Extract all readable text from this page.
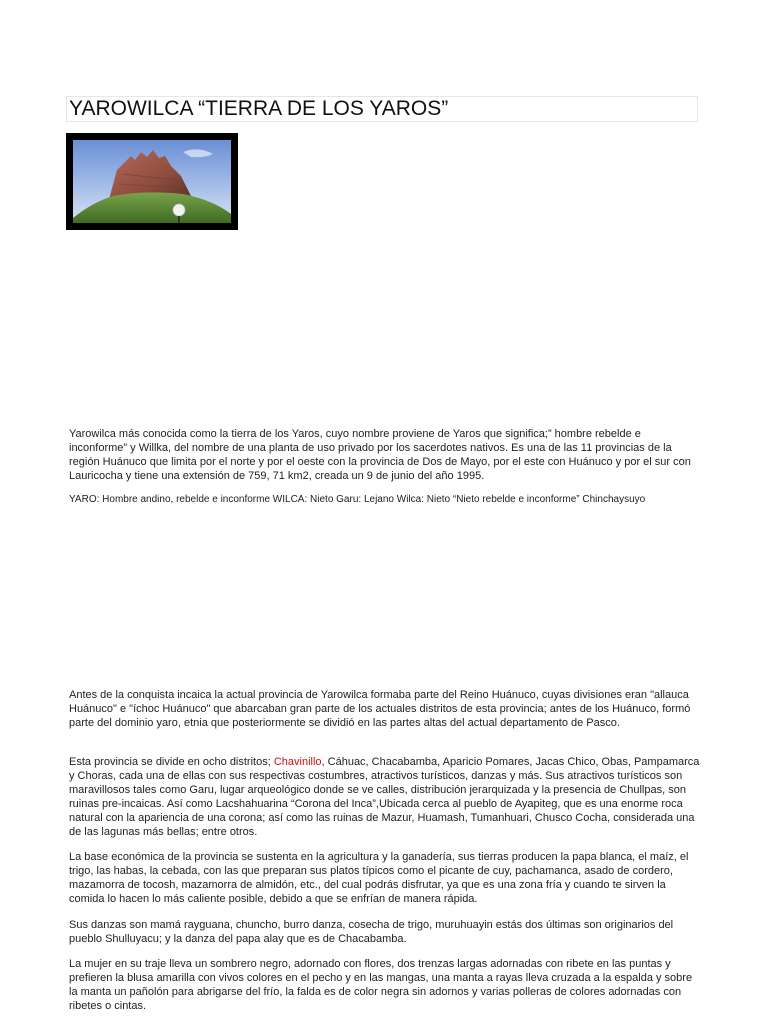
YAROWILCA “TIERRA DE LOS YAROS”

Yarowilca más conocida como la tierra de los Yaros, cuyo nombre proviene de Yaros que significa;” hombre rebelde e inconforme” y Willka, del nombre de una planta de uso privado por los sacerdotes nativos. Es una de las 11 provincias de la región Huánuco que limita por el norte y por el oeste con la provincia de Dos de Mayo, por el este con Huánuco y por el sur con Lauricocha y tiene una extensión de 759, 71 km2, creada un 9 de junio del año 1995.

YARO: Hombre andino, rebelde e inconforme WILCA: Nieto Garu: Lejano Wilca: Nieto “Nieto rebelde e inconforme” Chinchaysuyo

Antes de la conquista incaica la actual provincia de Yarowilca formaba parte del Reino Huánuco, cuyas divisiones eran "allauca Huánuco" e "íchoc Huánuco" que abarcaban gran parte de los actuales distritos de esta provincia; antes de los Huánuco, formó parte del dominio yaro, etnia que posteriormente se dividió en las partes altas del actual departamento de Pasco.

Esta provincia se divide en ocho distritos; Chavinillo, Cáhuac, Chacabamba, Aparicio Pomares, Jacas Chico, Obas, Pampamarca y Choras, cada una de ellas con sus respectivas costumbres, atractivos turísticos, danzas y más. Sus atractivos turísticos son maravillosos tales como Garu, lugar arqueológico donde se ve calles, distribución jerarquizada y la presencia de Chullpas, son ruinas pre-incaicas. Así como Lacshahuarina “Corona del Inca”,Ubicada cerca al pueblo de Ayapiteg, que es una enorme roca natural con la apariencia de una corona; así como las ruinas de Mazur, Huamash, Tumanhuari, Chusco Cocha, considerada una de las lagunas más bellas; entre otros.

La base económica de la provincia se sustenta en la agricultura y la ganadería, sus tierras producen la papa blanca, el maíz, el trigo, las habas, la cebada, con las que preparan sus platos típicos como el picante de cuy, pachamanca, asado de cordero, mazamorra de tocosh, mazamorra de almidón, etc., del cual podrás disfrutar, ya que es una zona fría y cuando te sirven la comida lo hacen lo más caliente posible, debido a que se enfrían de manera rápida.

Sus danzas son mamá rayguana, chuncho, burro danza, cosecha de trigo, muruhuayin estás dos últimas son originarios del pueblo Shulluyacu; y la danza del papa alay que es de Chacabamba.

La mujer en su traje lleva un sombrero negro, adornado con flores, dos trenzas largas adornadas con ribete en las puntas y prefieren la blusa amarilla con vivos colores en el pecho y en las mangas, una manta a rayas lleva cruzada a la espalda y sobre la manta un pañolón para abrigarse del frío, la falda es de color negra sin adornos y varias polleras de colores adornadas con ribetes o cintas.
